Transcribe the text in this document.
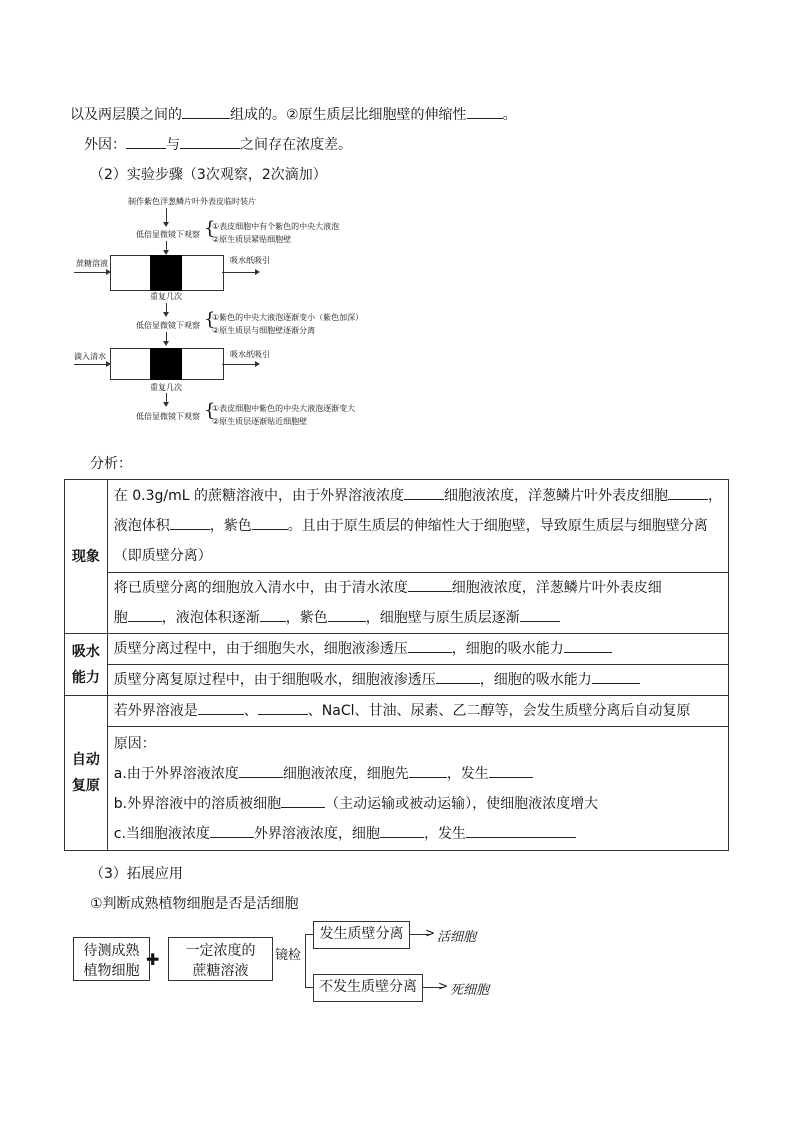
以及两层膜之间的	组成的。②原生质层比细胞壁的伸缩性	。
外因：	与	之间存在浓度差。
（2）实验步骤（3次观察，2次滴加）
制作紫色洋葱鳞片叶外表皮临时装片
低倍显微镜下观察 {
①表皮细胞中有个紫色的中央大液泡
②原生质层紧贴细胞壁
蔗糖溶液	吸水纸吸引
重复几次
低倍显微镜下观察 {
①紫色的中央大液泡逐渐变小（紫色加深）
②原生质层与细胞壁逐渐分离
滴入清水	吸水纸吸引
重复几次
低倍显微镜下观察 {
①表皮细胞中紫色的中央大液泡逐渐变大
②原生质层逐渐贴近细胞壁
分析：
现象	在 0.3g/mL 的蔗糖溶液中，由于外界溶液浓度 细胞液浓度，洋葱鳞片叶外表皮细胞 ，
液泡体积 ，紫色 。且由于原生质层的伸缩性大于细胞壁，导致原生质层与细胞壁分离
（即质壁分离）

	将已质壁分离的细胞放入清水中，由于清水浓度 细胞液浓度，洋葱鳞片叶外表皮细
胞 ，液泡体积逐渐 ，紫色 ，细胞壁与原生质层逐渐

吸水
能力	质壁分离过程中，由于细胞失水，细胞液渗透压 ，细胞的吸水能力

	质壁分离复原过程中，由于细胞吸水，细胞液渗透压 ，细胞的吸水能力

自动
复原	若外界溶液是 、 、NaCl、甘油、尿素、乙二醇等，会发生质壁分离后自动复原

	原因：
a.由于外界溶液浓度 细胞液浓度，细胞先 ，发生
b.外界溶液中的溶质被细胞 （主动运输或被动运输），使细胞液浓度增大
c.当细胞液浓度 外界溶液浓度，细胞 ，发生
（3）拓展应用
①判断成熟植物细胞是否是活细胞
待测成熟
植物细胞
✚	一定浓度的
蔗糖溶液
镜检
发生质壁分离	> 活细胞
不发生质壁分离	> 死细胞
